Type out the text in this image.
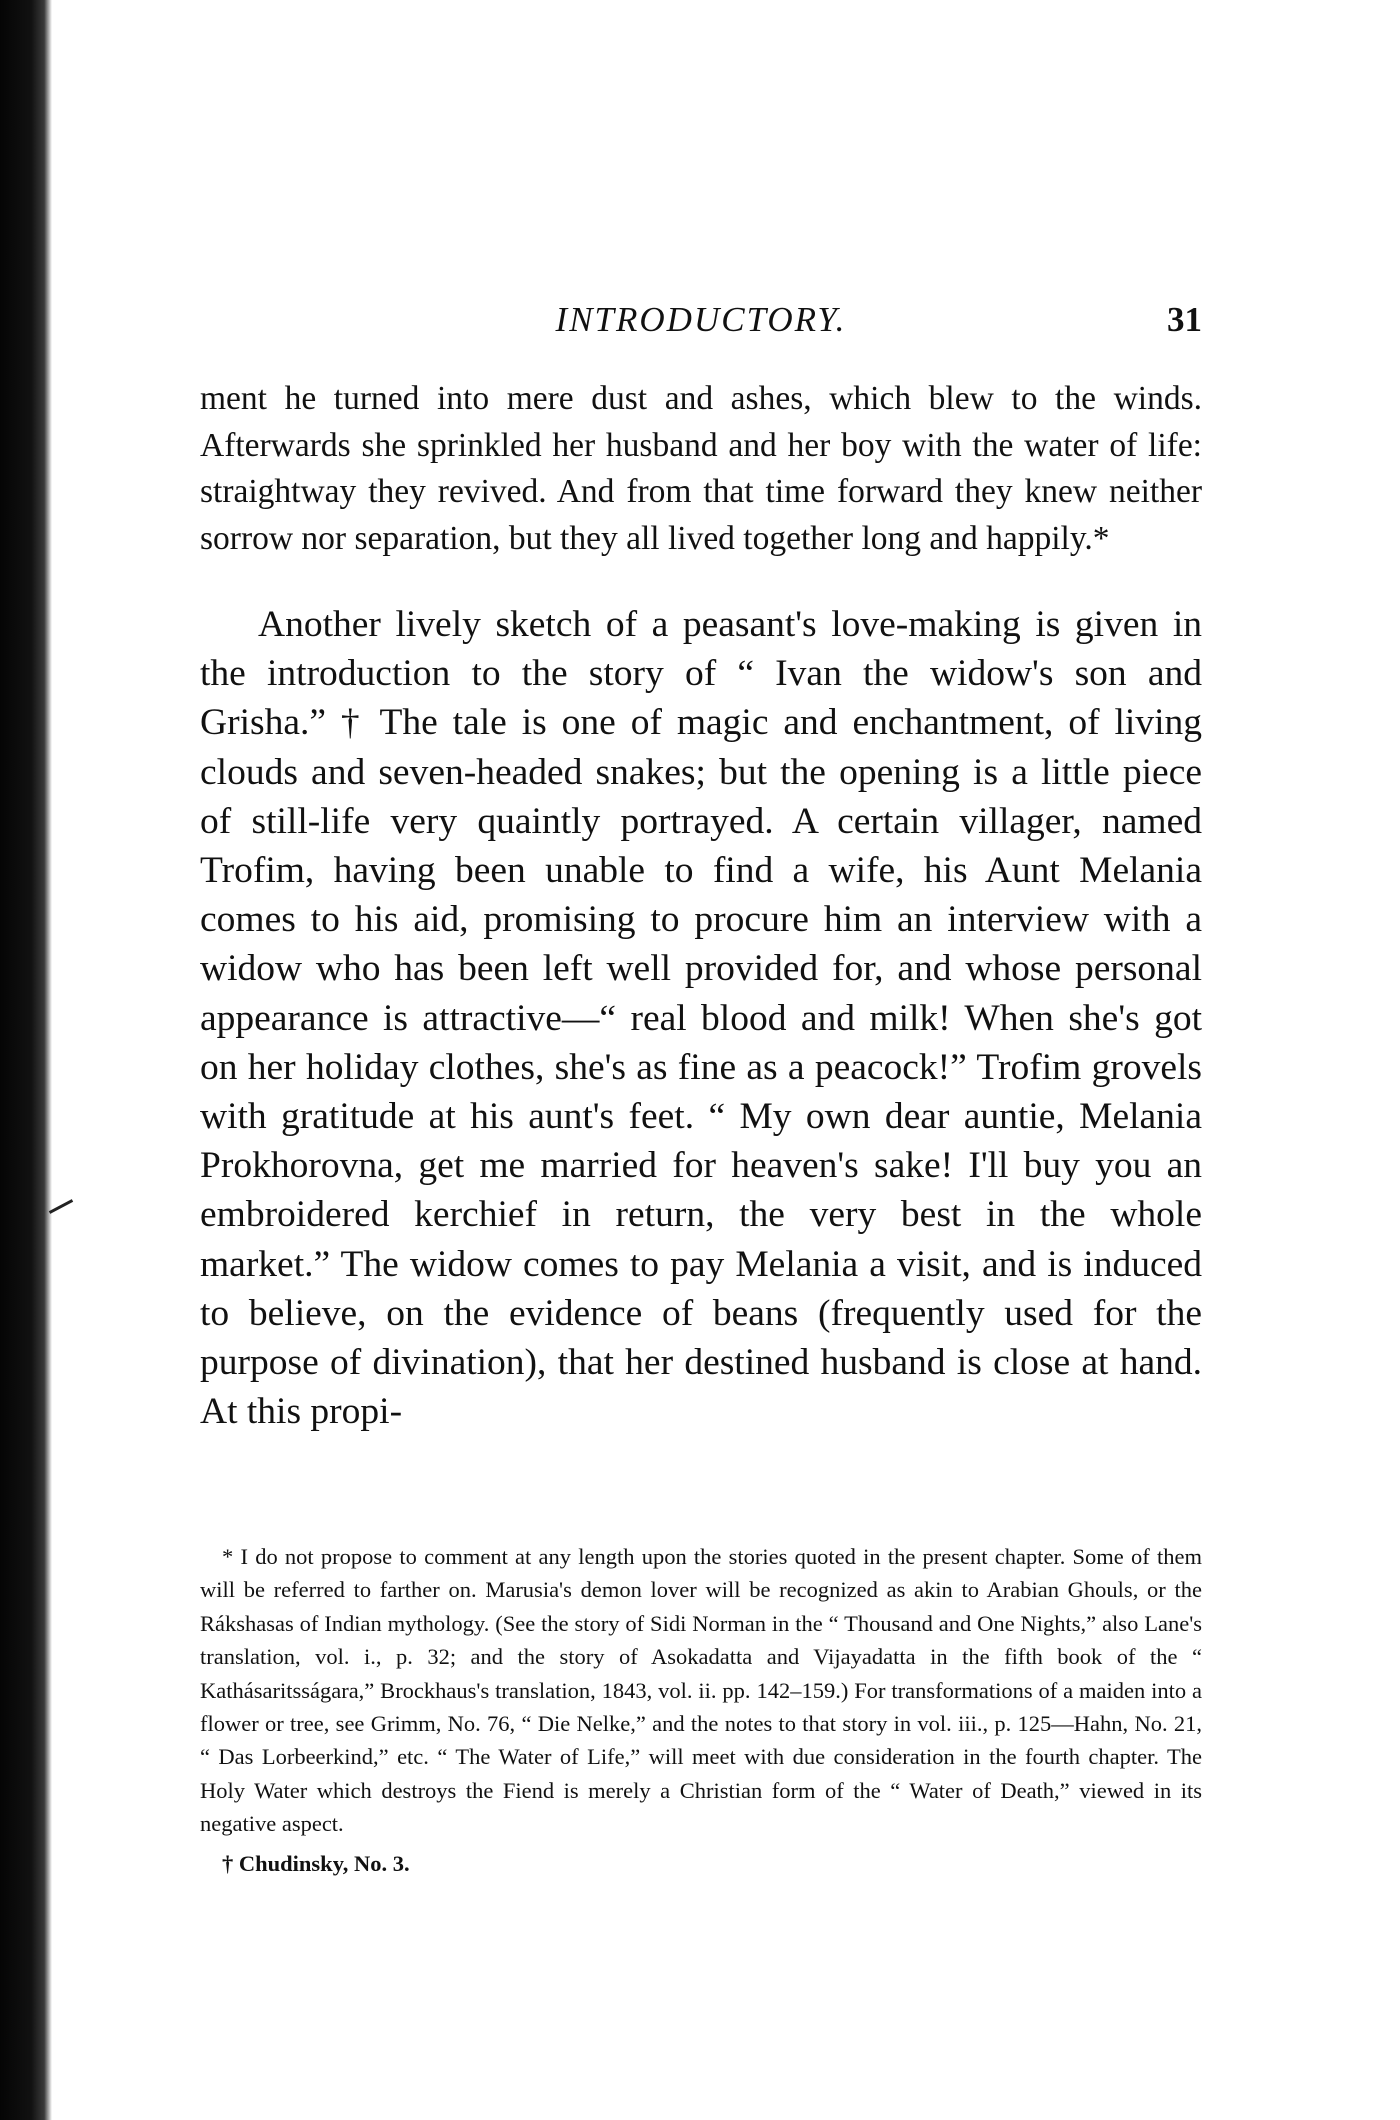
INTRODUCTORY.	31

ment he turned into mere dust and ashes, which blew to the winds. Afterwards she sprinkled her husband and her boy with the water of life: straightway they revived. And from that time forward they knew neither sorrow nor separation, but they all lived together long and happily.*

Another lively sketch of a peasant's love-making is given in the introduction to the story of “ Ivan the widow's son and Grisha.” † The tale is one of magic and enchantment, of living clouds and seven-headed snakes; but the opening is a little piece of still-life very quaintly portrayed. A certain villager, named Trofim, having been unable to find a wife, his Aunt Melania comes to his aid, promising to procure him an interview with a widow who has been left well provided for, and whose personal appearance is attractive—“ real blood and milk! When she's got on her holiday clothes, she's as fine as a peacock!” Trofim grovels with gratitude at his aunt's feet. “ My own dear auntie, Melania Prokhorovna, get me married for heaven's sake! I'll buy you an embroidered kerchief in return, the very best in the whole market.” The widow comes to pay Melania a visit, and is induced to believe, on the evidence of beans (frequently used for the purpose of divination), that her destined husband is close at hand. At this propi-

* I do not propose to comment at any length upon the stories quoted in the present chapter. Some of them will be referred to farther on. Marusia's demon lover will be recognized as akin to Arabian Ghouls, or the Rákshasas of Indian mythology. (See the story of Sidi Norman in the “ Thousand and One Nights,” also Lane's translation, vol. i., p. 32; and the story of Asokadatta and Vijayadatta in the fifth book of the “ Kathásaritsságara,” Brockhaus's translation, 1843, vol. ii. pp. 142–159.) For transformations of a maiden into a flower or tree, see Grimm, No. 76, “ Die Nelke,” and the notes to that story in vol. iii., p. 125—Hahn, No. 21, “ Das Lorbeerkind,” etc. “ The Water of Life,” will meet with due consideration in the fourth chapter. The Holy Water which destroys the Fiend is merely a Christian form of the “ Water of Death,” viewed in its negative aspect.

† Chudinsky, No. 3.
